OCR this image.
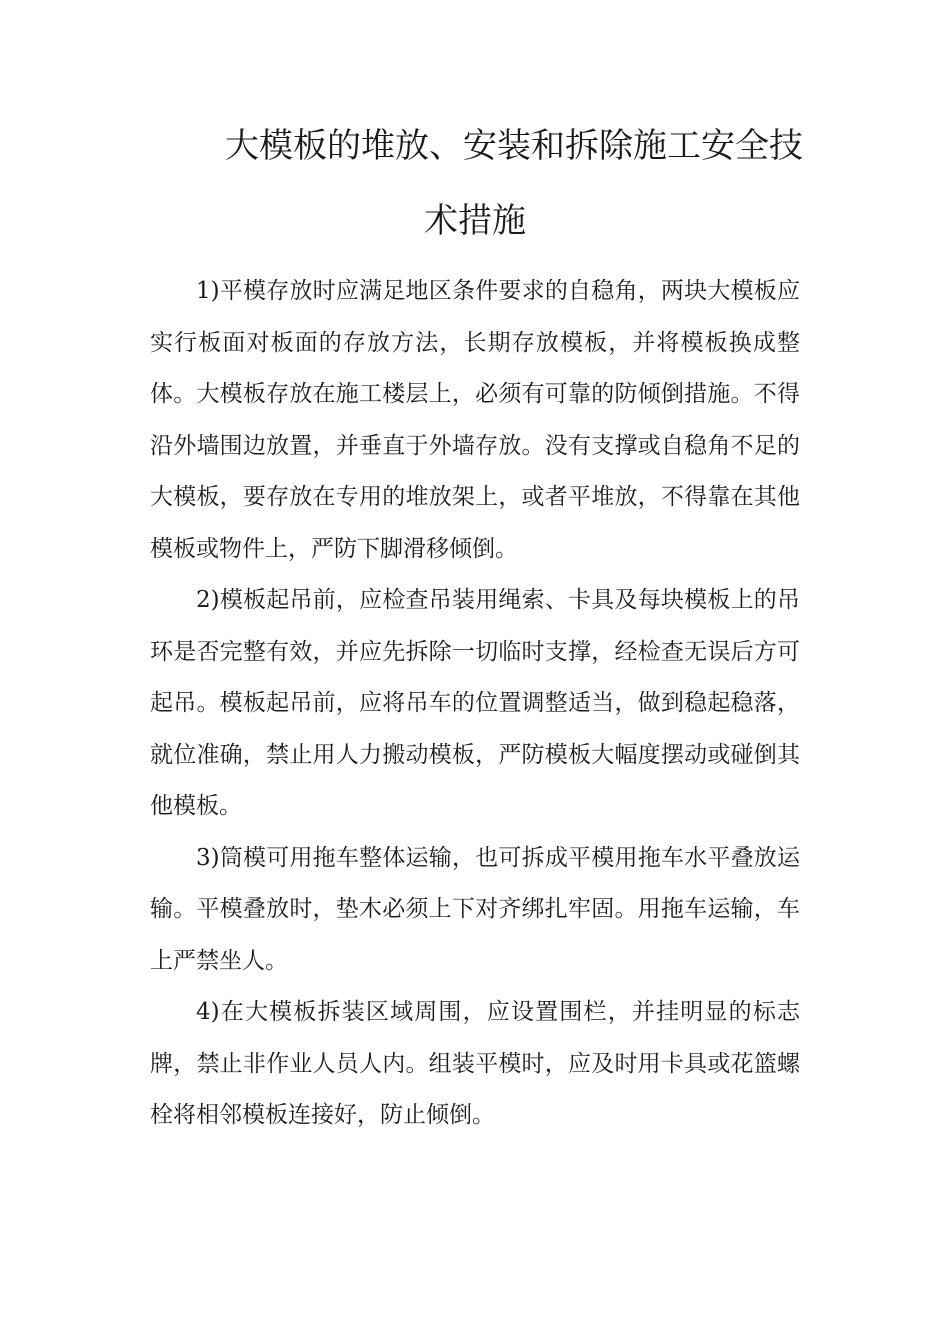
大模板的堆放、安装和拆除施工安全技
术措施

1)平模存放时应满足地区条件要求的自稳角，两块大模板应实行板面对板面的存放方法，长期存放模板，并将模板换成整体。大模板存放在施工楼层上，必须有可靠的防倾倒措施。不得沿外墙围边放置，并垂直于外墙存放。没有支撑或自稳角不足的大模板，要存放在专用的堆放架上，或者平堆放，不得靠在其他模板或物件上，严防下脚滑移倾倒。

2)模板起吊前，应检查吊装用绳索、卡具及每块模板上的吊环是否完整有效，并应先拆除一切临时支撑，经检查无误后方可起吊。模板起吊前，应将吊车的位置调整适当，做到稳起稳落，就位准确，禁止用人力搬动模板，严防模板大幅度摆动或碰倒其他模板。

3)筒模可用拖车整体运输，也可拆成平模用拖车水平叠放运输。平模叠放时，垫木必须上下对齐绑扎牢固。用拖车运输，车上严禁坐人。

4)在大模板拆装区域周围，应设置围栏，并挂明显的标志牌，禁止非作业人员人内。组装平模时，应及时用卡具或花篮螺栓将相邻模板连接好，防止倾倒。
